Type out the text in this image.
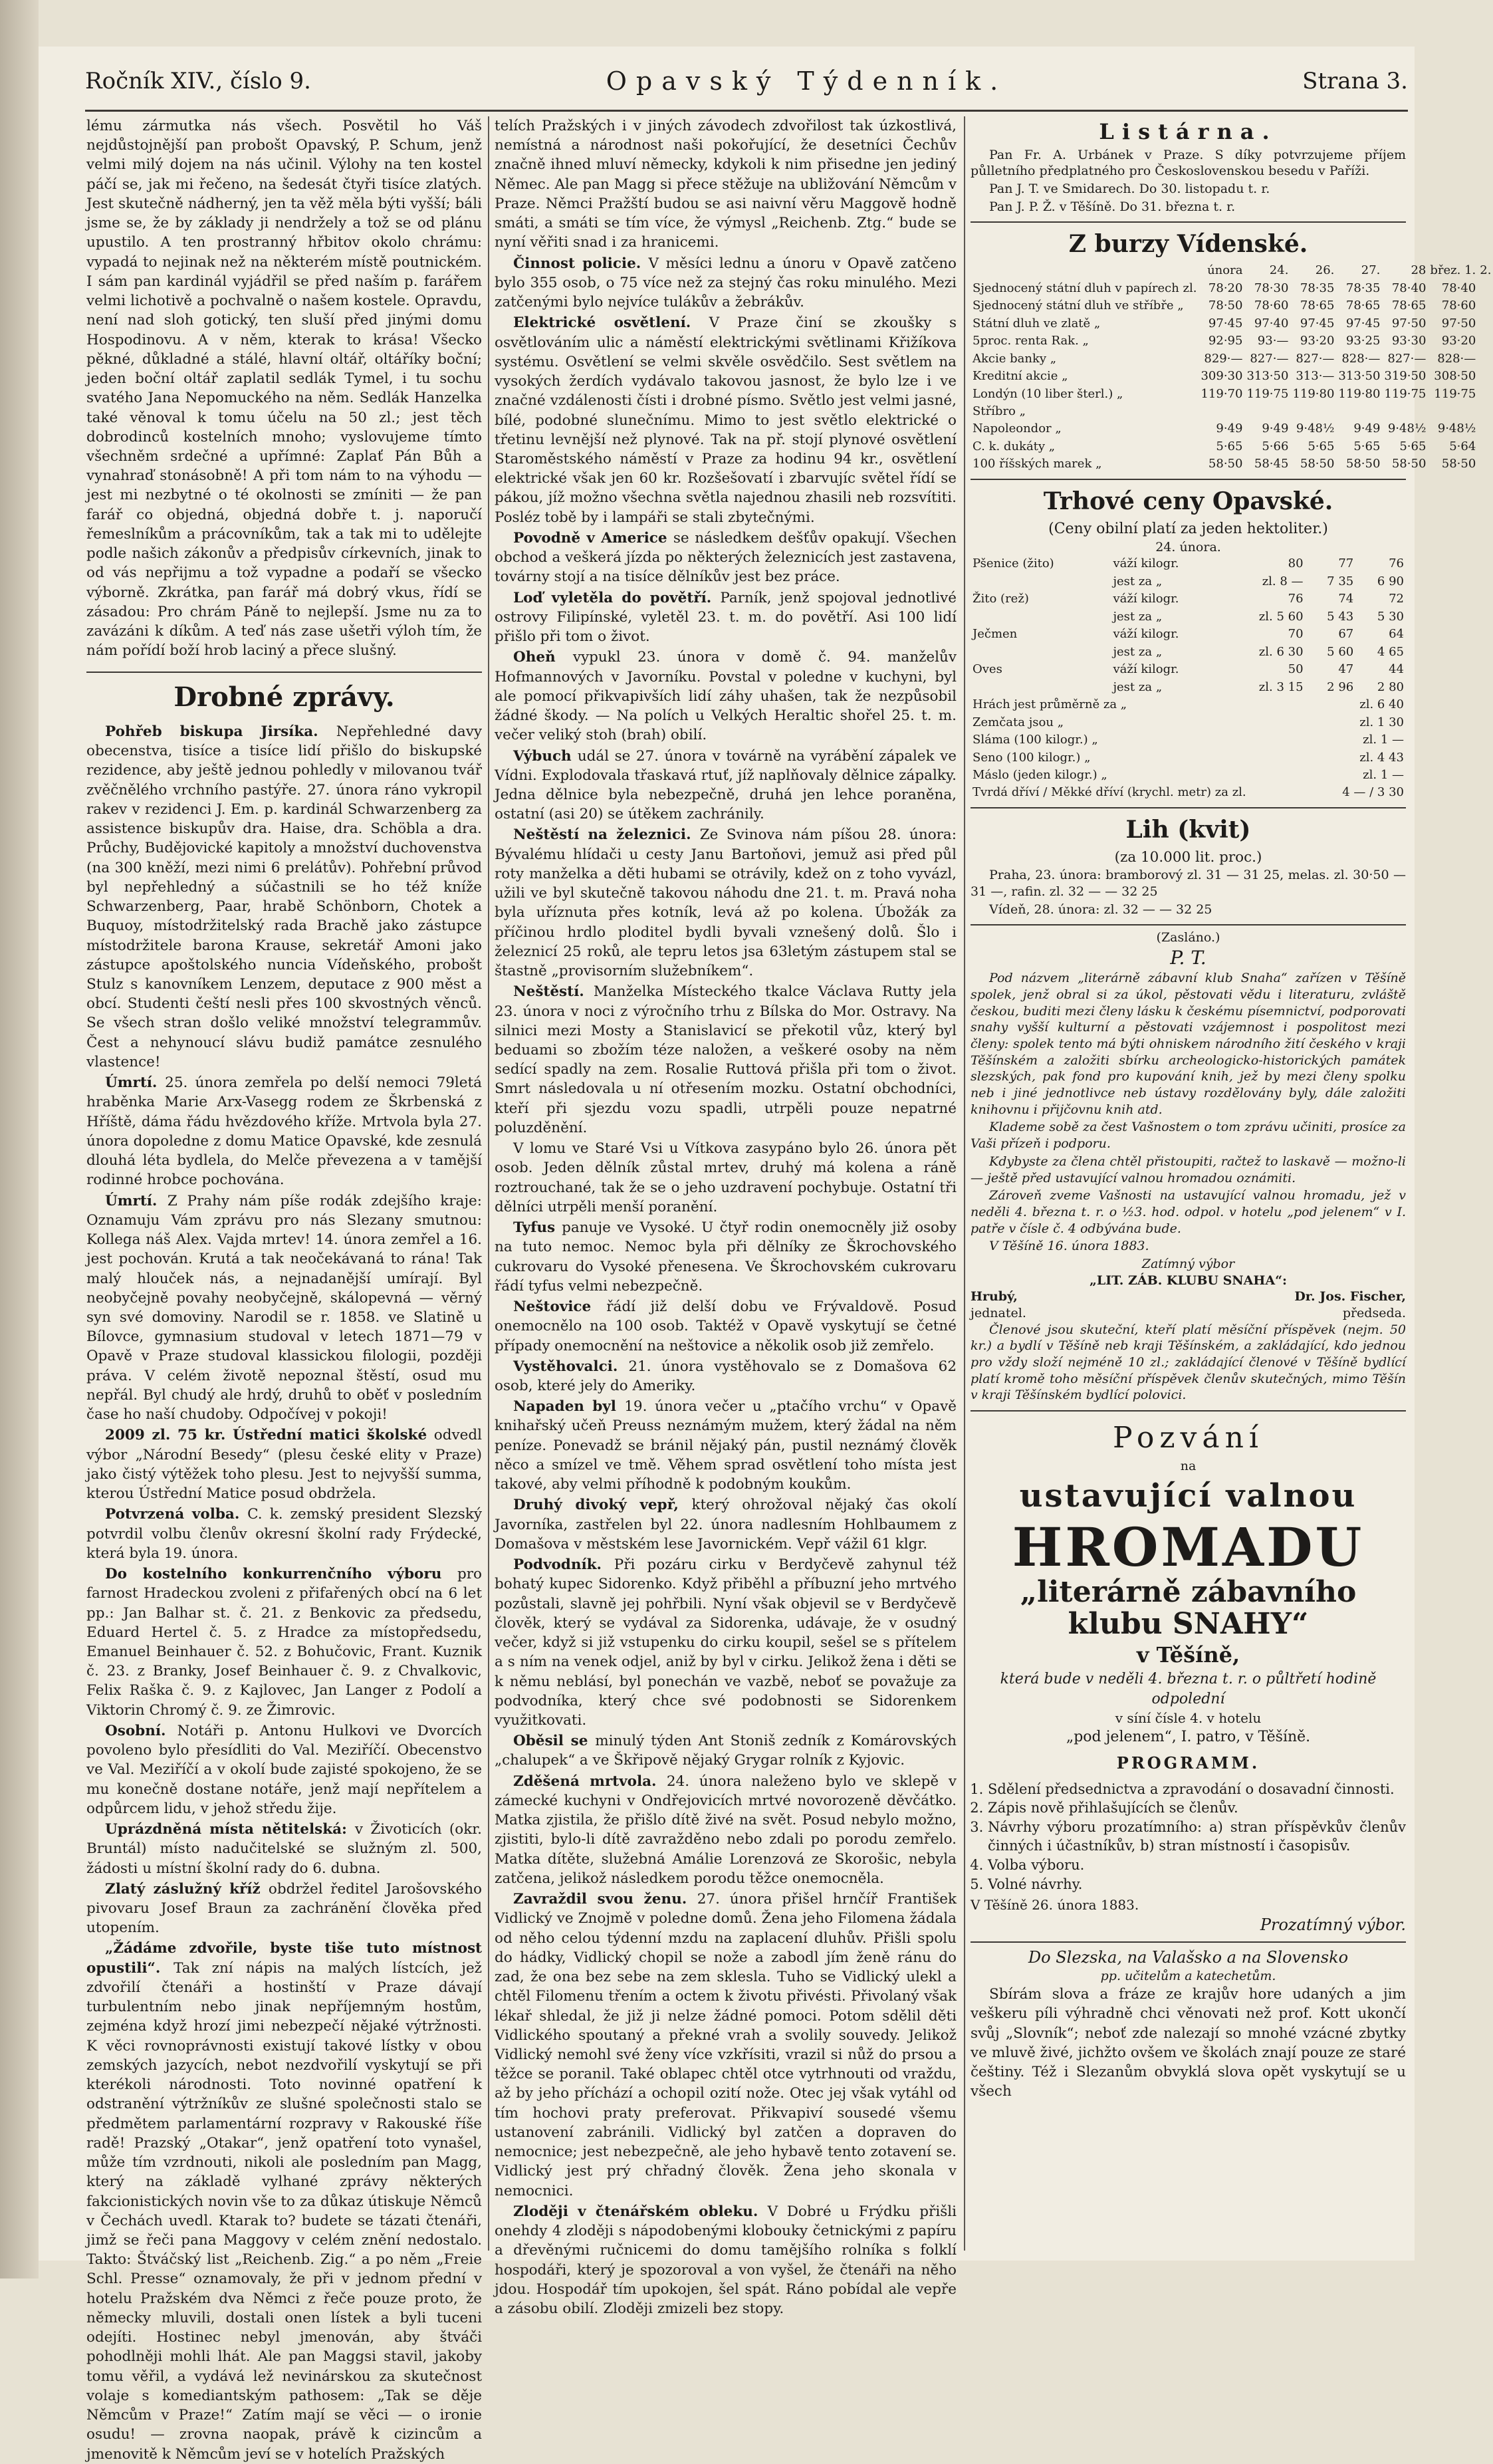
Ročník XIV., číslo 9.	Opavský Týdenník.	Strana 3.

lému zármutka nás všech. Posvětil ho Váš nejdůstojnější pan probošt Opavský, P. Schum, jenž velmi milý dojem na nás učinil. Výlohy na ten kostel páčí se, jak mi řečeno, na šedesát čtyři tisíce zlatých. Jest skutečně nádherný, jen ta věž měla býti vyšší; báli jsme se, že by základy ji nendržely a tož se od plánu upustilo. A ten prostranný hřbitov okolo chrámu: vypadá to nejinak než na některém místě poutnickém. I sám pan kardinál vyjádřil se před naším p. farářem velmi lichotivě a pochvalně o našem kostele. Opravdu, není nad sloh gotický, ten sluší před jinými domu Hospodinovu. A v něm, kterak to krása! Všecko pěkné, důkladné a stálé, hlavní oltář, oltáříky boční; jeden boční oltář zaplatil sedlák Tymel, i tu sochu svatého Jana Nepomuckého na něm. Sedlák Hanzelka také věnoval k tomu účelu na 50 zl.; jest těch dobrodinců kostelních mnoho; vyslovujeme tímto všechněm srdečné a upřímné: Zaplať Pán Bůh a vynahraď stonásobně! A při tom nám to na výhodu — jest mi nezbytné o té okolnosti se zmíniti — že pan farář co objedná, objedná dobře t. j. naporučí řemeslníkům a prácovníkům, tak a tak mi to udělejte podle našich zákonův a předpisův církevních, jinak to od vás nepřijmu a tož vypadne a podaří se všecko výborně. Zkrátka, pan farář má dobrý vkus, řídí se zásadou: Pro chrám Páně to nejlepší. Jsme nu za to zavázáni k díkům. A teď nás zase ušetři výloh tím, že nám pořídí boží hrob laciný a přece slušný.

Drobné zprávy.

Pohřeb biskupa Jirsíka. Nepřehledné davy obecenstva, tisíce a tisíce lidí přišlo do biskupské rezidence, aby ještě jednou pohledly v milovanou tvář zvěčnělého vrchního pastýře. 27. února ráno vykropil rakev v rezidenci J. Em. p. kardinál Schwarzenberg za assistence biskupův dra. Haise, dra. Schöbla a dra. Průchy, Budějovické kapitoly a množství duchovenstva (na 300 kněží, mezi nimi 6 prelátův). Pohřební průvod byl nepřehledný a súčastnili se ho též kníže Schwarzenberg, Paar, hrabě Schönborn, Chotek a Buquoy, místodržitelský rada Brachě jako zástupce místodržitele barona Krause, sekretář Amoni jako zástupce apoštolského nuncia Vídeňského, probošt Stulz s kanovníkem Lenzem, deputace z 900 měst a obcí. Studenti čeští nesli přes 100 skvostných věnců. Se všech stran došlo veliké množství telegrammův. Čest a nehynoucí slávu budiž památce zesnulého vlastence!

Úmrtí. 25. února zemřela po delší nemoci 79letá hraběnka Marie Arx-Vasegg rodem ze Škrbenská z Hříště, dáma řádu hvězdového kříže. Mrtvola byla 27. února dopoledne z domu Matice Opavské, kde zesnulá dlouhá léta bydlela, do Melče převezena a v tamější rodinné hrobce pochována.

Úmrtí. Z Prahy nám píše rodák zdejšího kraje: Oznamuju Vám zprávu pro nás Slezany smutnou: Kollega náš Alex. Vajda mrtev! 14. února zemřel a 16. jest pochován. Krutá a tak neočekávaná to rána! Tak malý hlouček nás, a nejnadanější umírají. Byl neobyčejně povahy neobyčejně, skálopevná — věrný syn své domoviny. Narodil se r. 1858. ve Slatině u Bílovce, gymnasium studoval v letech 1871—79 v Opavě v Praze studoval klassickou filologii, později práva. V celém životě nepoznal štěstí, osud mu nepřál. Byl chudý ale hrdý, druhů to oběť v posledním čase ho naší chudoby. Odpočívej v pokoji!

2009 zl. 75 kr. Ústřední matici školské odvedl výbor „Národní Besedy“ (plesu české elity v Praze) jako čistý výtěžek toho plesu. Jest to nejvyšší summa, kterou Ústřední Matice posud obdržela.

Potvrzená volba. C. k. zemský president Slezský potvrdil volbu členův okresní školní rady Frýdecké, která byla 19. února.

Do kostelního konkurrenčního výboru pro farnost Hradeckou zvoleni z přifařených obcí na 6 let pp.: Jan Balhar st. č. 21. z Benkovic za předsedu, Eduard Hertel č. 5. z Hradce za místopředsedu, Emanuel Beinhauer č. 52. z Bohučovic, Frant. Kuznik č. 23. z Branky, Josef Beinhauer č. 9. z Chvalkovic, Felix Raška č. 9. z Kajlovec, Jan Langer z Podolí a Viktorin Chromý č. 9. ze Žimrovic.

Osobní. Notáři p. Antonu Hulkovi ve Dvorcích povoleno bylo přesídliti do Val. Meziříčí. Obecenstvo ve Val. Meziříčí a v okolí bude zajisté spokojeno, že se mu konečně dostane notáře, jenž mají nepřítelem a odpůrcem lidu, v jehož středu žije.

Uprázdněná místa nětitelská: v Životicích (okr. Bruntál) místo nadučitelské se služným zl. 500, žádosti u místní školní rady do 6. dubna.

Zlatý záslužný kříž obdržel ředitel Jarošovského pivovaru Josef Braun za zachránění člověka před utopením.

„Žádáme zdvořile, byste tiše tuto místnost opustili“. Tak zní nápis na malých lístcích, jež zdvořilí čtenáři a hostinští v Praze dávají turbulentním nebo jinak nepříjemným hostům, zejména když hrozí jimi nebezpečí nějaké výtržnosti. K věci rovnoprávnosti existují takové lístky v obou zemských jazycích, nebot nezdvořilí vyskytují se při kterékoli národnosti. Toto novinné opatření k odstranění výtržníkův ze slušné společnosti stalo se předmětem parlamentární rozpravy v Rakouské říše radě! Prazský „Otakar“, jenž opatření toto vynašel, může tím vzrdnouti, nikoli ale posledním pan Magg, který na základě vylhané zprávy některých fakcionistických novin vše to za důkaz útiskuje Němců v Čechách uvedl. Ktarak to? budete se tázati čtenáři, jimž se řeči pana Maggovy v celém znění nedostalo. Takto: Štváčský list „Reichenb. Zig.“ a po něm „Freie Schl. Presse“ oznamovaly, že při v jednom přední v hotelu Pražském dva Němci z řeče pouze proto, že německy mluvili, dostali onen lístek a byli tuceni odejíti. Hostinec nebyl jmenován, aby štváči pohodlněji mohli lhát. Ale pan Maggsi stavil, jakoby tomu věřil, a vydává lež nevinárskou za skutečnost volaje s komediantským pathosem: „Tak se děje Němcům v Praze!“ Zatím mají se věci — o ironie osudu! — zrovna naopak, právě k cizincům a jmenovitě k Němcům jeví se v hotelích Pražských

telích Pražských i v jiných závodech zdvořilost tak úzkostlivá, nemístná a národnost naši pokořující, že desetníci Čechův značně ihned mluví německy, kdykoli k nim přisedne jen jediný Němec. Ale pan Magg si přece stěžuje na ubližování Němcům v Praze. Němci Pražští budou se asi naivní věru Maggově hodně smáti, a smáti se tím více, že výmysl „Reichenb. Ztg.“ bude se nyní věřiti snad i za hranicemi.

Činnost policie. V měsíci lednu a únoru v Opavě zatčeno bylo 355 osob, o 75 více než za stejný čas roku minulého. Mezi zatčenými bylo nejvíce tulákův a žebrákův.

Elektrické osvětlení. V Praze činí se zkoušky s osvětlováním ulic a náměstí elektrickými světlinami Křižíkova systému. Osvětlení se velmi skvěle osvědčilo. Sest světlem na vysokých žerdích vydávalo takovou jasnost, že bylo lze i ve značné vzdálenosti čísti i drobné písmo. Světlo jest velmi jasné, bílé, podobné slunečnímu. Mimo to jest světlo elektrické o třetinu levnější než plynové. Tak na př. stojí plynové osvětlení Staroměstského náměstí v Praze za hodinu 94 kr., osvětlení elektrické však jen 60 kr. Rozšešovatí i zbarvujíc světel řídí se pákou, jíž možno všechna světla najednou zhasili neb rozsvítiti. Posléz tobě by i lampáři se stali zbytečnými.

Povodně v Americe se následkem dešťův opakují. Všechen obchod a veškerá jízda po některých železnicích jest zastavena, továrny stojí a na tisíce dělníkův jest bez práce.

Loď vyletěla do povětří. Parník, jenž spojoval jednotlivé ostrovy Filipínské, vyletěl 23. t. m. do povětří. Asi 100 lidí přišlo při tom o život.

Oheň vypukl 23. února v domě č. 94. manželův Hofmannových v Javorníku. Povstal v poledne v kuchyni, byl ale pomocí přikvapivších lidí záhy uhašen, tak že nezpůsobil žádné škody. — Na polích u Velkých Heraltic shořel 25. t. m. večer veliký stoh (brah) obilí.

Výbuch udál se 27. února v továrně na vyrábění zápalek ve Vídni. Explodovala třaskavá rtuť, jíž naplňovaly dělnice zápalky. Jedna dělnice byla nebezpečně, druhá jen lehce poraněna, ostatní (asi 20) se útěkem zachránily.

Neštěstí na železnici. Ze Svinova nám píšou 28. února: Bývalému hlídači u cesty Janu Bartoňovi, jemuž asi před půl roty manželka a děti hubami se otrávily, kdež on z toho vyvázl, užili ve byl skutečně takovou náhodu dne 21. t. m. Pravá noha byla uříznuta přes kotník, levá až po kolena. Úbožák za příčinou hrdlo ploditel bydli byvali vznešený dolů. Šlo i železnicí 25 roků, ale tepru letos jsa 63letým zástupem stal se štastně „provisorním služebníkem“.

Neštěstí. Manželka Místeckého tkalce Václava Rutty jela 23. února v noci z výročního trhu z Bílska do Mor. Ostravy. Na silnici mezi Mosty a Stanislavicí se překotil vůz, který byl beduami so zbožím téze naložen, a veškeré osoby na něm sedící spadly na zem. Rosalie Ruttová přišla při tom o život. Smrt následovala u ní otřesením mozku. Ostatní obchodníci, kteří při sjezdu vozu spadli, utrpěli pouze nepatrné poluzděnění.

V lomu ve Staré Vsi u Vítkova zasypáno bylo 26. února pět osob. Jeden dělník zůstal mrtev, druhý má kolena a ráně roztrouchané, tak že se o jeho uzdravení pochybuje. Ostatní tři dělníci utrpěli menší poranění.

Tyfus panuje ve Vysoké. U čtyř rodin onemocněly již osoby na tuto nemoc. Nemoc byla při dělníky ze Škrochovského cukrovaru do Vysoké přenesena. Ve Škrochovském cukrovaru řádí tyfus velmi nebezpečně.

Neštovice řádí již delší dobu ve Frývaldově. Posud onemocnělo na 100 osob. Taktéž v Opavě vyskytují se četné případy onemocnění na neštovice a několik osob již zemřelo.

Vystěhovalci. 21. února vystěhovalo se z Domašova 62 osob, které jely do Ameriky.

Napaden byl 19. února večer u „ptačího vrchu“ v Opavě knihařský učeň Preuss neznámým mužem, který žádal na něm peníze. Ponevadž se bránil nějaký pán, pustil neznámý člověk něco a smízel ve tmě. Věhem sprad osvětlení toho místa jest takové, aby velmi příhodně k podobným koukům.

Druhý divoký vepř, který ohrožoval nějaký čas okolí Javorníka, zastřelen byl 22. února nadlesním Hohlbaumem z Domašova v městském lese Javornickém. Vepř vážil 61 klgr.

Podvodník. Při pozáru cirku v Berdyčevě zahynul též bohatý kupec Sidorenko. Když přiběhl a příbuzní jeho mrtvého pozůstali, slavně jej pohřbili. Nyní však objevil se v Berdyčevě člověk, který se vydával za Sidorenka, udávaje, že v osudný večer, když si již vstupenku do cirku koupil, sešel se s přítelem a s ním na venek odjel, aniž by byl v cirku. Jelikož žena i děti se k němu neblásí, byl ponechán ve vazbě, neboť se považuje za podvodníka, který chce své podobnosti se Sidorenkem využitkovati.

Oběsil se minulý týden Ant Stoniš zedník z Komárovských „chalupek“ a ve Škřipově nějaký Grygar rolník z Kyjovic.

Zděšená mrtvola. 24. února naleženo bylo ve sklepě v zámecké kuchyni v Ondřejovicích mrtvé novorozeně děvčátko. Matka zjistila, že přišlo dítě živé na svět. Posud nebylo možno, zjistiti, bylo-li dítě zavražděno nebo zdali po porodu zemřelo. Matka dítěte, služebná Amálie Lorenzová ze Skorošic, nebyla zatčena, jelikož následkem porodu těžce onemocněla.

Zavraždil svou ženu. 27. února přišel hrnčíř František Vidlický ve Znojmě v poledne domů. Žena jeho Filomena žádala od něho celou týdenní mzdu na zaplacení dluhův. Přišli spolu do hádky, Vidlický chopil se nože a zabodl jím ženě ránu do zad, že ona bez sebe na zem sklesla. Tuho se Vidlický ulekl a chtěl Filomenu třením a octem k životu přivésti. Přivolaný však lékař shledal, že již ji nelze žádné pomoci. Potom sdělil děti Vidlického spoutaný a překné vrah a svolily souvedy. Jelikož Vidlický nemohl své ženy více vzkřísiti, vrazil si nůž do prsou a těžce se poranil. Také oblapec chtěl otce vytrhnouti od vraždu, až by jeho příchází a ochopil ozití nože. Otec jej však vytáhl od tím hochovi praty preferovat. Přikvapiví sousedé všemu ustanovení zabránili. Vidlický byl zatčen a dopraven do nemocnice; jest nebezpečně, ale jeho hybavě tento zotavení se. Vidlický jest prý chřadný člověk. Žena jeho skonala v nemocnici.

Zloději v čtenářském obleku. V Dobré u Frýdku přišli onehdy 4 zloději s nápodobenými klobouky četnickými z papíru a dřevěnými ručnicemi do domu tamějšího rolníka s folklí hospodáři, který je spozoroval a von vyšel, že čtenáři na něho jdou. Hospodář tím upokojen, šel spát. Ráno pobídal ale vepře a zásobu obilí. Zloději zmizeli bez stopy.

Listárna.
Pan Fr. A. Urbánek v Praze. S díky potvrzujeme příjem půlletního předplatného pro Československou besedu v Paříži.
Pan J. T. ve Smidarech. Do 30. listopadu t. r.
Pan J. P. Ž. v Těšíně. Do 31. března t. r.
Z burzy Vídenské.
	února	24.	26.	27.	28	břez. 1.	2.
Sjednocený státní dluh v papírech zl.	78·20	78·30	78·35	78·35	78·40	78·40	
Sjednocený státní dluh ve stříbře „	78·50	78·60	78·65	78·65	78·65	78·60	
Státní dluh ve zlatě „	97·45	97·40	97·45	97·45	97·50	97·50	
5proc. renta Rak. „	92·95	93·—	93·20	93·25	93·30	93·20	
Akcie banky „	829·—	827·—	827·—	828·—	827·—	828·—	
Kreditní akcie „	309·30	313·50	313·—	313·50	319·50	308·50	
Londýn (10 liber šterl.) „	119·70	119·75	119·80	119·80	119·75	119·75	
Stříbro „							
Napoleondor „	9·49	9·49	9·48½	9·49	9·48½	9·48½	
C. k. dukáty „	5·65	5·66	5·65	5·65	5·65	5·64	
100 říšských marek „	58·50	58·45	58·50	58·50	58·50	58·50	
Trhové ceny Opavské.
(Ceny obilní platí za jeden hektoliter.)
24. února.
Pšenice (žito)	váží kilogr.	80	77	76
	jest za „	zl. 8 —	7 35	6 90
Žito (rež)	váží kilogr.	76	74	72
	jest za „	zl. 5 60	5 43	5 30
Ječmen	váží kilogr.	70	67	64
	jest za „	zl. 6 30	5 60	4 65
Oves	váží kilogr.	50	47	44
	jest za „	zl. 3 15	2 96	2 80
Hrách jest průměrně za „	zl. 6 40
Zemčata jsou „	zl. 1 30
Sláma (100 kilogr.) „	zl. 1 —
Seno (100 kilogr.) „	zl. 4 43
Máslo (jeden kilogr.) „	zl. 1 —
Tvrdá dříví / Měkké dříví (krychl. metr) za zl.	4 — / 3 30
Lih (kvit)
(za 10.000 lit. proc.)
Praha, 23. února: bramborový zl. 31 — 31 25, melas. zl. 30·50 — 31 —, rafin. zl. 32 — — 32 25
Vídeň, 28. února: zl. 32 — — 32 25
(Zasláno.)
P. T.

Pod názvem „literárně zábavní klub Snaha“ zařízen v Těšíně spolek, jenž obral si za úkol, pěstovati vědu i literaturu, zvláště českou, buditi mezi členy lásku k českému písemnictví, podporovati snahy vyšší kulturní a pěstovati vzájemnost i pospolitost mezi členy: spolek tento má býti ohniskem národního žití českého v kraji Těšínském a založiti sbírku archeologicko-historických památek slezských, pak fond pro kupování knih, jež by mezi členy spolku neb i jiné jednotlivce neb ústavy rozdělovány byly, dále založiti knihovnu i přijčovnu knih atd.

Klademe sobě za čest Vašnostem o tom zprávu učiniti, prosíce za Vaši přízeň i podporu.

Kdybyste za člena chtěl přistoupiti, račtež to laskavě — možno-li — ještě před ustavující valnou hromadou oznámiti.

Zároveň zveme Vašnosti na ustavující valnou hromadu, jež v neděli 4. března t. r. o ½3. hod. odpol. v hotelu „pod jelenem“ v I. patře v čísle č. 4 odbývána bude.

V Těšíně 16. února 1883.

Zatímný výbor
„LIT. ZÁB. KLUBU SNAHA“:
Hrubý,	Dr. Jos. Fischer,
jednatel.	předseda.

Členové jsou skuteční, kteří platí měsíční příspěvek (nejm. 50 kr.) a bydlí v Těšíně neb kraji Těšínském, a zakládající, kdo jednou pro vždy složí nejméně 10 zl.; zakládající členové v Těšíně bydlící platí kromě toho měsíční příspěvek členův skutečných, mimo Těšín v kraji Těšínském bydlící polovici.

Pozvání
na
ustavující valnou
HROMADU
„literárně zábavního klubu SNAHY“
v Těšíně,
která bude v neděli 4. března t. r. o půltřetí hodině odpolední
v síní čísle 4. v hotelu
„pod jelenem“, I. patro, v Těšíně.
PROGRAMM.
1. Sdělení předsednictva a zpravodání o dosavadní činnosti.
2. Zápis nově přihlašujících se členův.
3. Návrhy výboru prozatímního: a) stran příspěvkův členův činných i účastníkův, b) stran místností i časopisův.
4. Volba výboru.
5. Volné návrhy.
V Těšíně 26. února 1883.
Prozatímný výbor.
Do Slezska, na Valašsko a na Slovensko
pp. učitelům a katechetům.

Sbírám slova a fráze ze krajův hore udaných a jim veškeru píli výhradně chci věnovati než prof. Kott ukončí svůj „Slovník“; neboť zde nalezají so mnohé vzácné zbytky ve mluvě živé, jichžto ovšem ve školách znají pouze ze staré češtiny. Též i Slezanům obvyklá slova opět vyskytují se u všech
